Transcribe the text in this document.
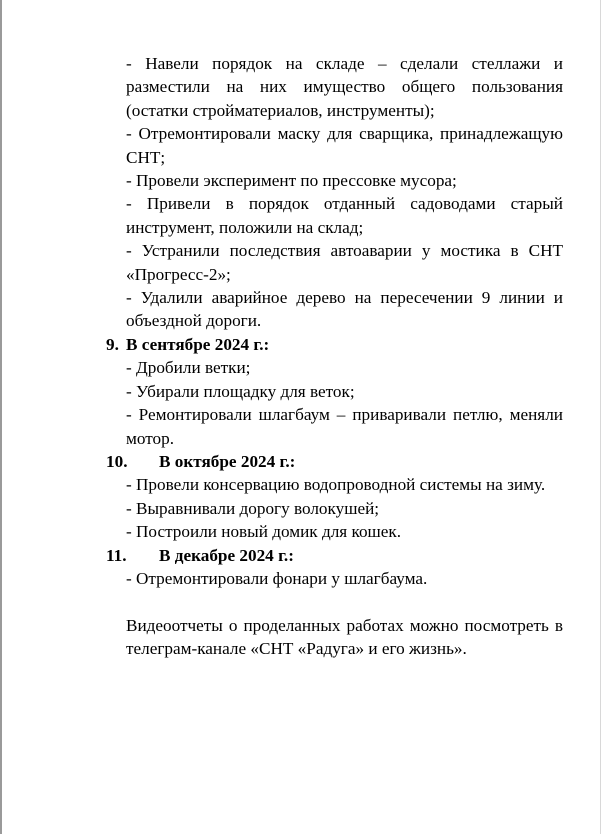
- Навели порядок на складе – сделали стеллажи и разместили на них имущество общего пользования (остатки стройматериалов, инструменты);

- Отремонтировали маску для сварщика, принадлежащую СНТ;

- Провели эксперимент по прессовке мусора;

- Привели в порядок отданный садоводами старый инструмент, положили на склад;

- Устранили последствия автоаварии у мостика в СНТ «Прогресс-2»;

- Удалили аварийное дерево на пересечении 9 линии и объездной дороги.

9. В сентябре 2024 г.:

- Дробили ветки;

- Убирали площадку для веток;

- Ремонтировали шлагбаум – приваривали петлю, меняли мотор.

10. В октябре 2024 г.:

- Провели консервацию водопроводной системы на зиму.

- Выравнивали дорогу волокушей;

- Построили новый домик для кошек.

11. В декабре 2024 г.:

- Отремонтировали фонари у шлагбаума.

Видеоотчеты о проделанных работах можно посмотреть в телеграм-канале «СНТ «Радуга» и его жизнь».
